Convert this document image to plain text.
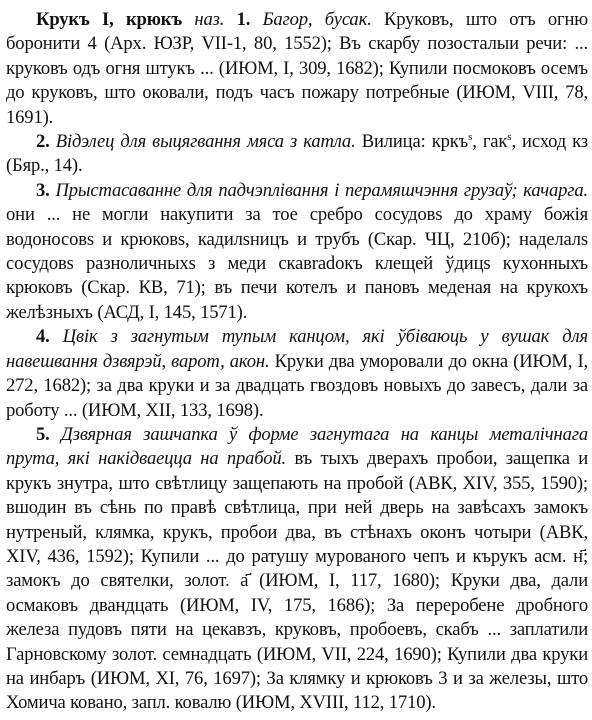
Крукъ I, крюкъ наз. 1. Багор, бусак. Круковъ, што отъ огню боронити 4 (Арх. ЮЗР, VII-1, 80, 1552); Въ скарбу позосталыи речи: ... круковъ одъ огня штукъ ... (ИЮМ, I, 309, 1682); Купили посмоковъ осемъ до круковъ, што оковали, подъ часъ пожару потребные (ИЮМ, VIII, 78, 1691).

2. Відэлец для выцягвання мяса з катла. Вилица: кркъ$^s$, гак$^s$, исход кз (Бяр., 14).

3. Прыстасаванне для падчэплівання і перамяшчэння грузаў; качарга. они ... не могли накупити за тое сребро сосудовs до храму божiя водоносовs и крюковs, кадилsницъ и трубъ (Скар. ЧЦ, 210б); наделалs сосудовs разноличныхs з меди скавradокъ клещей ўдицs кухонныхъ крюковъ (Скар. КВ, 71); въ печи котелъ и пановъ меденая на крукохъ желѣзныхъ (АСД, I, 145, 1571).

4. Цвік з загнутым тупым канцом, які ўбіваюць у вушак для навешвання дзвярэй, варот, акон. Круки два уморовали до окна (ИЮМ, I, 272, 1682); за два круки и за двадцать гвоздовъ новыхъ до завесъ, дали за роботу ... (ИЮМ, XII, 133, 1698).

5. Дзвярная зашчапка ў форме загнутага на канцы металічнага прута, які накідваецца на прабой. въ тыхъ дверахъ пробои, защепка и крукъ знутра, што свѣтлицу защепають на пробой (АВК, XIV, 355, 1590); вшодин въ сѣнь по правѣ свѣтлица, при ней дверь на завѣсахъ замокъ нутреный, клямка, крукъ, пробои два, въ стѣнахъ оконъ чотыри (АВК, XIV, 436, 1592); Купили ... до ратушу мурованого чепъ и кърукъ асм. н҃; замокъ до святелки, золот. а҃ (ИЮМ, I, 117, 1680); Круки два, дали осмаковъ двандцать (ИЮМ, IV, 175, 1686); За переробене дробного железа пудовъ пяти на цекавзъ, круковъ, пробоевъ, скабъ ... заплатили Гарновскому золот. семнадцать (ИЮМ, VII, 224, 1690); Купили два круки на инбаръ (ИЮМ, XI, 76, 1697); За клямку и крюковъ 3 и за железы, што Хомича ковано, запл. ковалю (ИЮМ, XVIII, 112, 1710).
